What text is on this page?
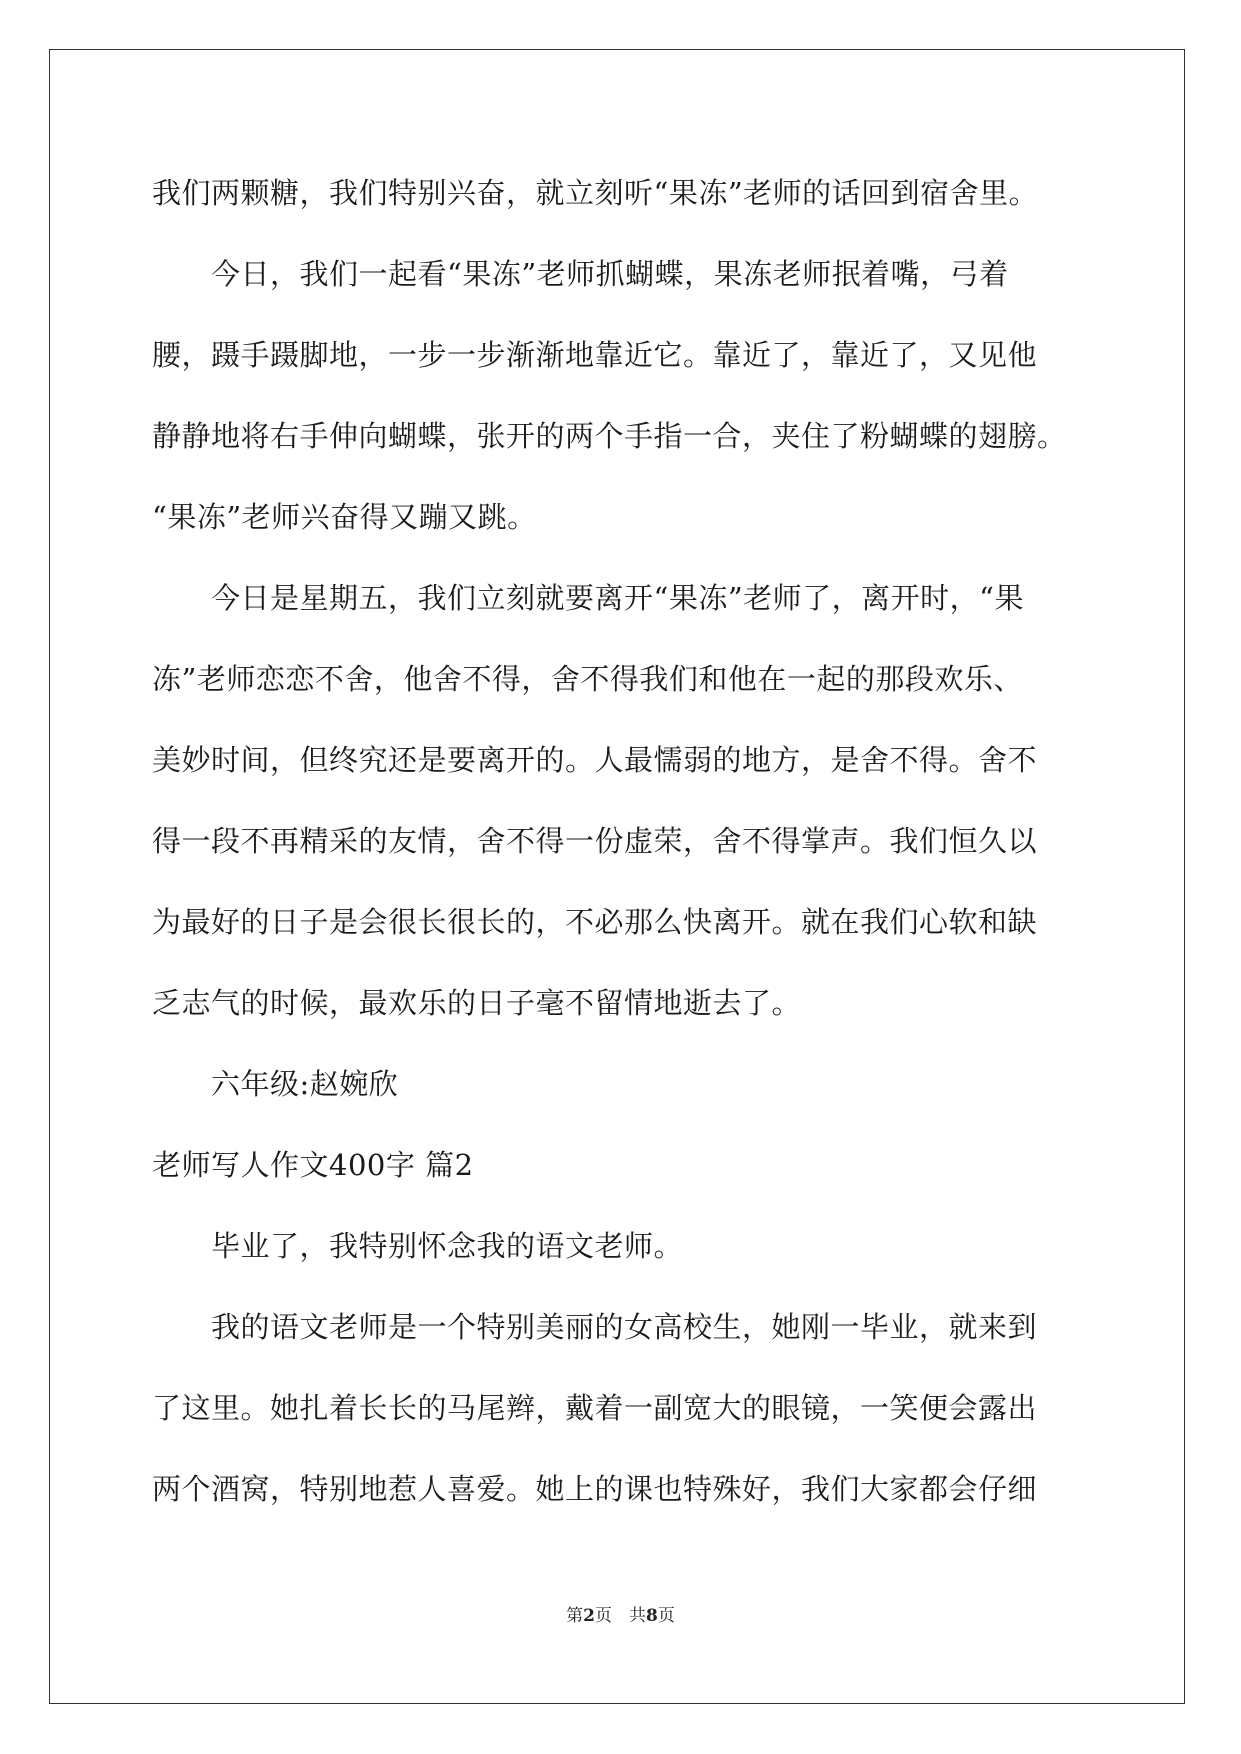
我们两颗糖，我们特别兴奋，就立刻听“果冻”老师的话回到宿舍里。
　　今日，我们一起看“果冻”老师抓蝴蝶，果冻老师抿着嘴，弓着
腰，蹑手蹑脚地，一步一步渐渐地靠近它。靠近了，靠近了，又见他
静静地将右手伸向蝴蝶，张开的两个手指一合，夹住了粉蝴蝶的翅膀。
“果冻”老师兴奋得又蹦又跳。
　　今日是星期五，我们立刻就要离开“果冻”老师了，离开时，“果
冻”老师恋恋不舍，他舍不得，舍不得我们和他在一起的那段欢乐、
美妙时间，但终究还是要离开的。人最懦弱的地方，是舍不得。舍不
得一段不再精采的友情，舍不得一份虚荣，舍不得掌声。我们恒久以
为最好的日子是会很长很长的，不必那么快离开。就在我们心软和缺
乏志气的时候，最欢乐的日子毫不留情地逝去了。
　　六年级:赵婉欣
老师写人作文400字 篇2
　　毕业了，我特别怀念我的语文老师。
　　我的语文老师是一个特别美丽的女高校生，她刚一毕业，就来到
了这里。她扎着长长的马尾辫，戴着一副宽大的眼镜，一笑便会露出
两个酒窝，特别地惹人喜爱。她上的课也特殊好，我们大家都会仔细
第2页　共8页
